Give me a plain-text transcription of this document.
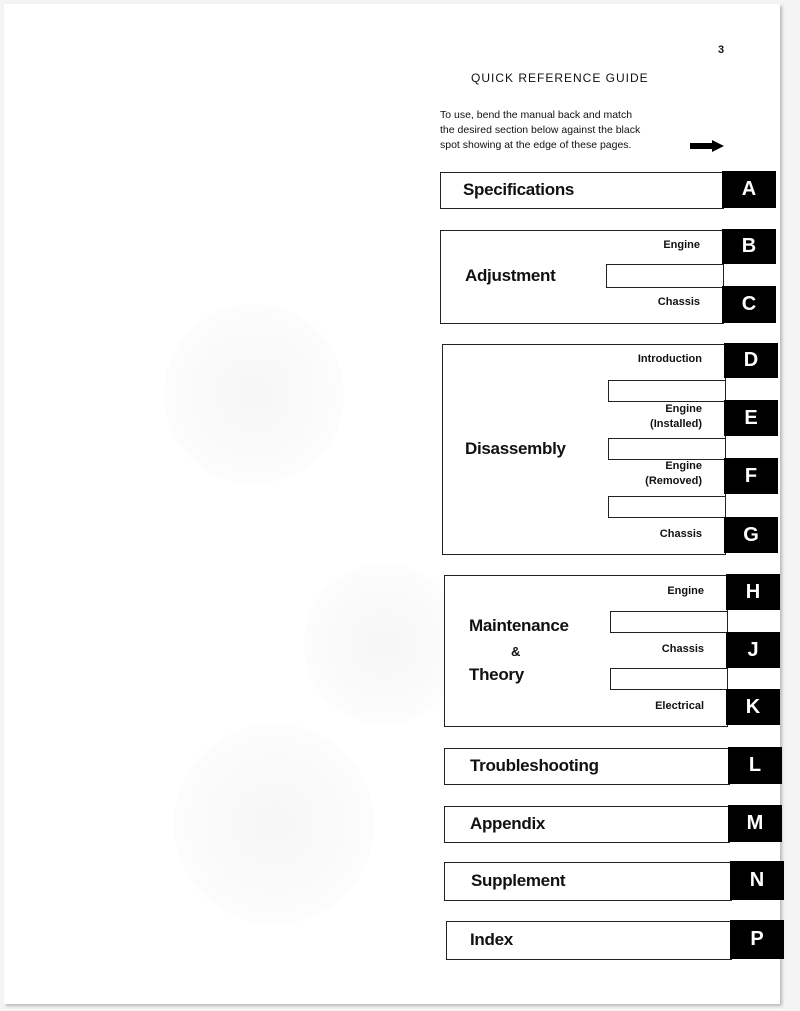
3
QUICK REFERENCE GUIDE
To use, bend the manual back and match
the desired section below against the black
spot showing at the edge of these pages.
Specifications	A
Adjustment
Engine	B
Chassis	C
Disassembly
Introduction	D
Engine
(Installed)	E
Engine
(Removed)	F
Chassis	G
Maintenance
&
Theory
Engine	H
Chassis	J
Electrical	K
Troubleshooting	L
Appendix	M
Supplement	N
Index	P
